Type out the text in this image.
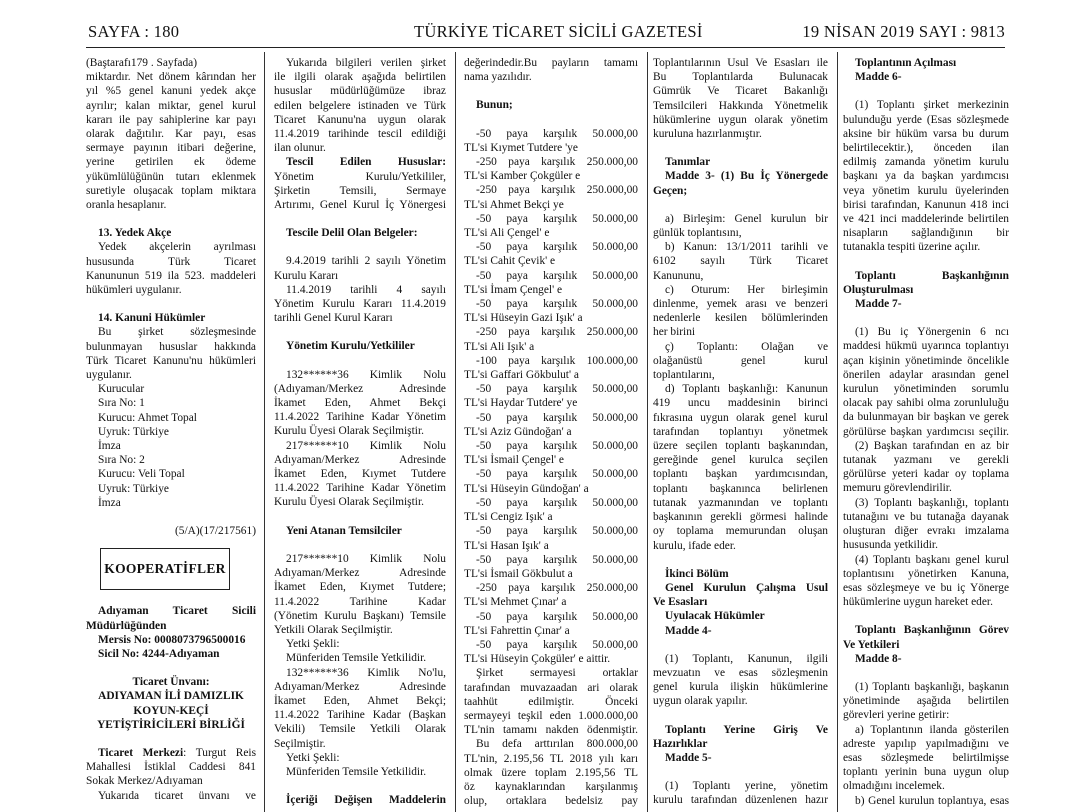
SAYFA : 180	TÜRKİYE TİCARET SİCİLİ GAZETESİ	19 NİSAN 2019 SAYI : 9813

(Baştarafı179 . Sayfada)

miktardır. Net dönem kârından her

yıl %5 genel kanuni yedek akçe

ayrılır; kalan miktar, genel kurul

kararı ile pay sahiplerine kar payı

olarak dağıtılır. Kar payı, esas

sermaye payının itibari değerine,

yerine getirilen ek ödeme

yükümlülüğünün tutarı eklenmek

suretiyle oluşacak toplam miktara

oranla hesaplanır.

13. Yedek Akçe

Yedek akçelerin ayrılması

hususunda Türk Ticaret

Kanununun 519 ila 523. maddeleri

hükümleri uygulanır.

14. Kanuni Hükümler

Bu şirket sözleşmesinde

bulunmayan hususlar hakkında

Türk Ticaret Kanunu'nu hükümleri

uygulanır.

Kurucular

Sıra No: 1

Kurucu: Ahmet Topal

Uyruk: Türkiye

İmza

Sıra No: 2

Kurucu: Veli Topal

Uyruk: Türkiye

İmza

(5/A)(17/217561)

KOOPERATİFLER

Adıyaman Ticaret Sicili

Müdürlüğünden

Mersis No: 0008073796500016

Sicil No: 4244-Adıyaman

Ticaret Ünvanı:

ADIYAMAN İLİ DAMIZLIK

KOYUN-KEÇİ

YETİŞTİRİCİLERİ BİRLİĞİ

Ticaret Merkezi: Turgut Reis

Mahallesi İstiklal Caddesi 841

Sokak Merkez/Adıyaman

Yukarıda ticaret ünvanı ve

Yukarıda bilgileri verilen şirket

ile ilgili olarak aşağıda belirtilen

hususlar müdürlüğümüze ibraz

edilen belgelere istinaden ve Türk

Ticaret Kanunu'na uygun olarak

11.4.2019 tarihinde tescil edildiği

ilan olunur.

Tescil Edilen Hususlar:

Yönetim Kurulu/Yetkililer,

Şirketin Temsili, Sermaye

Artırımı, Genel Kurul İç Yönergesi

Tescile Delil Olan Belgeler:

9.4.2019 tarihli 2 sayılı Yönetim

Kurulu Kararı

11.4.2019 tarihli 4 sayılı

Yönetim Kurulu Kararı 11.4.2019

tarihli Genel Kurul Kararı

Yönetim Kurulu/Yetkililer

132******36 Kimlik Nolu

(Adıyaman/Merkez Adresinde

İkamet Eden, Ahmet Bekçi

11.4.2022 Tarihine Kadar Yönetim

Kurulu Üyesi Olarak Seçilmiştir.

217******10 Kimlik Nolu

Adıyaman/Merkez Adresinde

İkamet Eden, Kıymet Tutdere

11.4.2022 Tarihine Kadar Yönetim

Kurulu Üyesi Olarak Seçilmiştir.

Yeni Atanan Temsilciler

217******10 Kimlik Nolu

Adıyaman/Merkez Adresinde

İkamet Eden, Kıymet Tutdere;

11.4.2022 Tarihine Kadar

(Yönetim Kurulu Başkanı) Temsile

Yetkili Olarak Seçilmiştir.

Yetki Şekli:

Münferiden Temsile Yetkilidir.

132******36 Kimlik No'lu,

Adıyaman/Merkez Adresinde

İkamet Eden, Ahmet Bekçi;

11.4.2022 Tarihine Kadar (Başkan

Vekili) Temsile Yetkili Olarak

Seçilmiştir.

Yetki Şekli:

Münferiden Temsile Yetkilidir.

İçeriği Değişen Maddelerin

değerindedir.Bu payların tamamı

nama yazılıdır.

Bunun;

-50 paya karşılık 50.000,00

TL'si Kıymet Tutdere 'ye

-250 paya karşılık 250.000,00

TL'si Kamber Çokgüler e

-250 paya karşılık 250.000,00

TL'si Ahmet Bekçi ye

-50 paya karşılık 50.000,00

TL'si Ali Çengel' e

-50 paya karşılık 50.000,00

TL'si Cahit Çevik' e

-50 paya karşılık 50.000,00

TL'si İmam Çengel' e

-50 paya karşılık 50.000,00

TL'si Hüseyin Gazi Işık' a

-250 paya karşılık 250.000,00

TL'si Ali Işık' a

-100 paya karşılık 100.000,00

TL'si Gaffari Gökbulut' a

-50 paya karşılık 50.000,00

TL'si Haydar Tutdere' ye

-50 paya karşılık 50.000,00

TL'si Aziz Gündoğan' a

-50 paya karşılık 50.000,00

TL'si İsmail Çengel' e

-50 paya karşılık 50.000,00

TL'si Hüseyin Gündoğan' a

-50 paya karşılık 50.000,00

TL'si Cengiz Işık' a

-50 paya karşılık 50.000,00

TL'si Hasan Işık' a

-50 paya karşılık 50.000,00

TL'si İsmail Gökbulut a

-250 paya karşılık 250.000,00

TL'si Mehmet Çınar' a

-50 paya karşılık 50.000,00

TL'si Fahrettin Çınar' a

-50 paya karşılık 50.000,00

TL'si Hüseyin Çokgüler' e aittir.

Şirket sermayesi ortaklar

tarafından muvazaadan ari olarak

taahhüt edilmiştir. Önceki

sermayeyi teşkil eden 1.000.000,00

TL'nin tamamı nakden ödenmiştir.

Bu defa arttırılan 800.000,00

TL'nin, 2.195,56 TL 2018 yılı karı

olmak üzere toplam 2.195,56 TL

öz kaynaklarından karşılanmış

olup, ortaklara bedelsiz pay

Toplantılarının Usul Ve Esasları ile

Bu Toplantılarda Bulunacak

Gümrük Ve Ticaret Bakanlığı

Temsilcileri Hakkında Yönetmelik

hükümlerine uygun olarak yönetim

kuruluna hazırlanmıştır.

Tanımlar

Madde 3- (1) Bu İç Yönergede

Geçen;

a) Birleşim: Genel kurulun bir

günlük toplantısını,

b) Kanun: 13/1/2011 tarihli ve

6102 sayılı Türk Ticaret

Kanununu,

c) Oturum: Her birleşimin

dinlenme, yemek arası ve benzeri

nedenlerle kesilen bölümlerinden

her birini

ç) Toplantı: Olağan ve

olağanüstü genel kurul

toplantılarını,

d) Toplantı başkanlığı: Kanunun

419 uncu maddesinin birinci

fıkrasına uygun olarak genel kurul

tarafından toplantıyı yönetmek

üzere seçilen toplantı başkanından,

gereğinde genel kurulca seçilen

toplantı başkan yardımcısından,

toplantı başkanınca belirlenen

tutanak yazmanından ve toplantı

başkanının gerekli görmesi halinde

oy toplama memurundan oluşan

kurulu, ifade eder.

İkinci Bölüm

Genel Kurulun Çalışma Usul

Ve Esasları

Uyulacak Hükümler

Madde 4-

(1) Toplantı, Kanunun, ilgili

mevzuatın ve esas sözleşmenin

genel kurula ilişkin hükümlerine

uygun olarak yapılır.

Toplantı Yerine Giriş Ve

Hazırlıklar

Madde 5-

(1) Toplantı yerine, yönetim

kurulu tarafından düzenlenen hazır

Toplantının Açılması

Madde 6-

(1) Toplantı şirket merkezinin

bulunduğu yerde (Esas sözleşmede

aksine bir hüküm varsa bu durum

belirtilecektir.), önceden ilan

edilmiş zamanda yönetim kurulu

başkanı ya da başkan yardımcısı

veya yönetim kurulu üyelerinden

birisi tarafından, Kanunun 418 inci

ve 421 inci maddelerinde belirtilen

nisapların sağlandığının bir

tutanakla tespiti üzerine açılır.

Toplantı Başkanlığının

Oluşturulması

Madde 7-

(1) Bu iç Yönergenin 6 ncı

maddesi hükmü uyarınca toplantıyı

açan kişinin yönetiminde öncelikle

önerilen adaylar arasından genel

kurulun yönetiminden sorumlu

olacak pay sahibi olma zorunluluğu

da bulunmayan bir başkan ve gerek

görülürse başkan yardımcısı seçilir.

(2) Başkan tarafından en az bir

tutanak yazmanı ve gerekli

görülürse yeteri kadar oy toplama

memuru görevlendirilir.

(3) Toplantı başkanlığı, toplantı

tutanağını ve bu tutanağa dayanak

oluşturan diğer evrakı imzalama

hususunda yetkilidir.

(4) Toplantı başkanı genel kurul

toplantısını yönetirken Kanuna,

esas sözleşmeye ve bu iç Yönerge

hükümlerine uygun hareket eder.

Toplantı Başkanlığının Görev

Ve Yetkileri

Madde 8-

(1) Toplantı başkanlığı, başkanın

yönetiminde aşağıda belirtilen

görevleri yerine getirir:

a) Toplantının ilanda gösterilen

adreste yapılıp yapılmadığını ve

esas sözleşmede belirtilmişse

toplantı yerinin buna uygun olup

olmadığını incelemek.

b) Genel kurulun toplantıya, esas
